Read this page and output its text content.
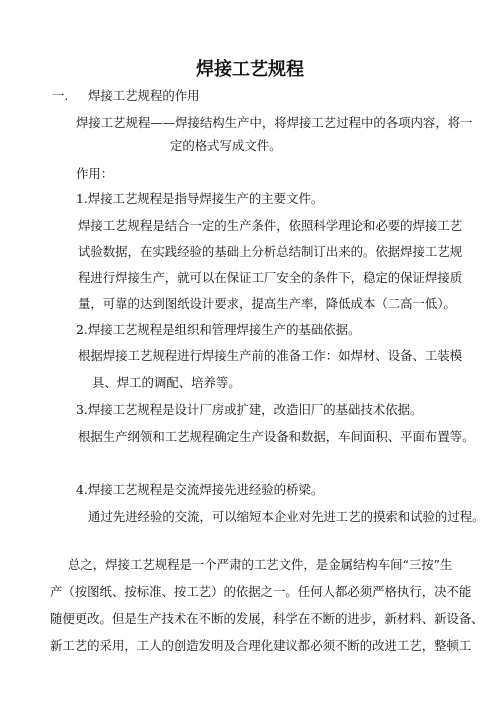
焊接工艺规程
一. 焊接工艺规程的作用
焊接工艺规程——焊接结构生产中，将焊接工艺过程中的各项内容，将一
定的格式写成文件。
作用：
1.焊接工艺规程是指导焊接生产的主要文件。
焊接工艺规程是结合一定的生产条件，依照科学理论和必要的焊接工艺
试验数据，在实践经验的基础上分析总结制订出来的。依据焊接工艺规
程进行焊接生产，就可以在保证工厂安全的条件下，稳定的保证焊接质
量，可靠的达到图纸设计要求，提高生产率，降低成本（二高一低）。
2.焊接工艺规程是组织和管理焊接生产的基础依据。
根据焊接工艺规程进行焊接生产前的准备工作：如焊材、设备、工装模
具、焊工的调配、培养等。
3.焊接工艺规程是设计厂房或扩建，改造旧厂的基础技术依据。
根据生产纲领和工艺规程确定生产设备和数据，车间面积、平面布置等。
4.焊接工艺规程是交流焊接先进经验的桥梁。
通过先进经验的交流，可以缩短本企业对先进工艺的摸索和试验的过程。
总之，焊接工艺规程是一个严肃的工艺文件，是金属结构车间“三按”生
产（按图纸、按标准、按工艺）的依据之一。任何人都必须严格执行，决不能
随便更改。但是生产技术在不断的发展，科学在不断的进步，新材料、新设备、
新工艺的采用，工人的创造发明及合理化建议都必须不断的改进工艺，整顿工
